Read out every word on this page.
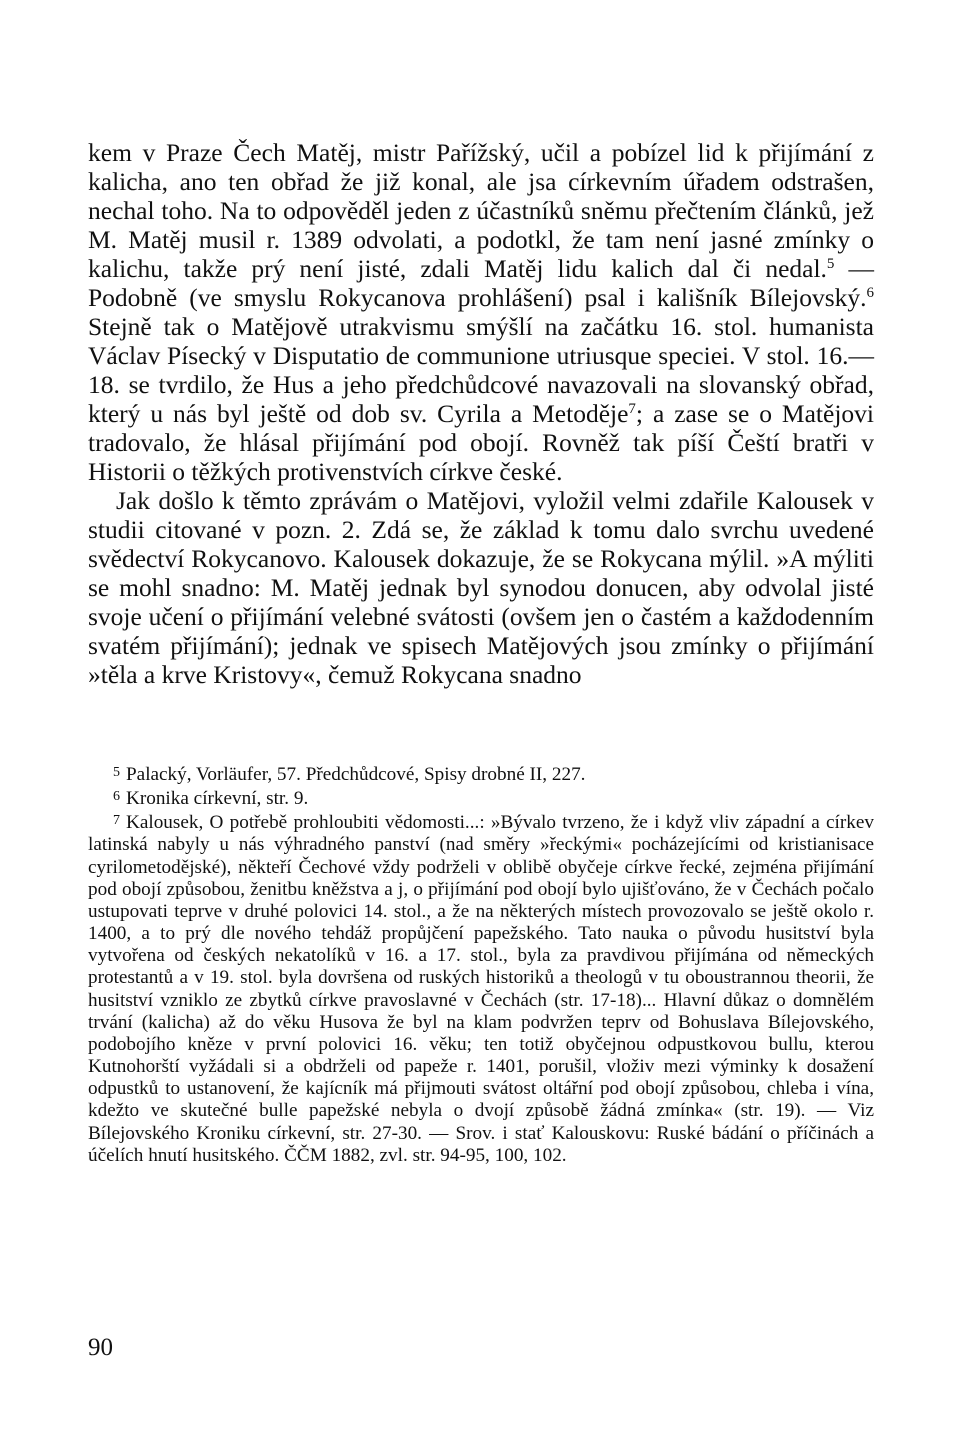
kem v Praze Čech Matěj, mistr Pařížský, učil a pobízel lid k přijímání z kalicha, ano ten obřad že již konal, ale jsa církevním úřadem odstrašen, nechal toho. Na to odpověděl jeden z účastníků sněmu přečtením článků, jež M. Matěj musil r. 1389 odvolati, a podotkl, že tam není jasné zmínky o kalichu, takže prý není jisté, zdali Matěj lidu kalich dal či nedal.$^5$ — Podobně (ve smyslu Rokycanova prohlášení) psal i kališník Bílejovský.$^6$ Stejně tak o Matějově utrakvismu smýšlí na začátku 16. stol. humanista Václav Písecký v Disputatio de communione utriusque speciei. V stol. 16.—18. se tvrdilo, že Hus a jeho předchůdcové navazovali na slovanský obřad, který u nás byl ještě od dob sv. Cyrila a Metoděje$^7$; a zase se o Matějovi tradovalo, že hlásal přijímání pod obojí. Rovněž tak píší Čeští bratři v Historii o těžkých protivenstvích církve české.

Jak došlo k těmto zprávám o Matějovi, vyložil velmi zdařile Kalousek v studii citované v pozn. 2. Zdá se, že základ k tomu dalo svrchu uvedené svědectví Rokycanovo. Kalousek dokazuje, že se Rokycana mýlil. »A mýliti se mohl snadno: M. Matěj jednak byl synodou donucen, aby odvolal jisté svoje učení o přijímání velebné svátosti (ovšem jen o častém a každodenním svatém přijímání); jednak ve spisech Matějových jsou zmínky o přijímání »těla a krve Kristovy«, čemuž Rokycana snadno

$^5$ Palacký, Vorläufer, 57. Předchůdcové, Spisy drobné II, 227.

$^6$ Kronika církevní, str. 9.

$^7$ Kalousek, O potřebě prohloubiti vědomosti...: »Bývalo tvrzeno, že i když vliv západní a církev latinská nabyly u nás výhradného panství (nad směry »řeckými« pocházejícími od kristianisace cyrilometodějské), někteří Čechové vždy podrželi v oblibě obyčeje církve řecké, zejména přijímání pod obojí způsobou, ženitbu kněžstva a j, o přijímání pod obojí bylo ujišťováno, že v Čechách počalo ustupovati teprve v druhé polovici 14. stol., a že na některých místech provozovalo se ještě okolo r. 1400, a to prý dle nového tehdáž propůjčení papežského. Tato nauka o původu husitství byla vytvořena od českých nekatolíků v 16. a 17. stol., byla za pravdivou přijímána od německých protestantů a v 19. stol. byla dovršena od ruských historiků a theologů v tu oboustrannou theorii, že husitství vzniklo ze zbytků církve pravoslavné v Čechách (str. 17-18)... Hlavní důkaz o domnělém trvání (kalicha) až do věku Husova že byl na klam podvržen teprv od Bohuslava Bílejovského, podobojího kněze v první polovici 16. věku; ten totiž obyčejnou odpustkovou bullu, kterou Kutnohorští vyžádali si a obdrželi od papeže r. 1401, porušil, vloživ mezi výminky k dosažení odpustků to ustanovení, že kajícník má přijmouti svátost oltářní pod obojí způsobou, chleba i vína, kdežto ve skutečné bulle papežské nebyla o dvojí způsobě žádná zmínka« (str. 19). — Viz Bílejovského Kroniku církevní, str. 27-30. — Srov. i stať Kalouskovu: Ruské bádání o příčinách a účelích hnutí husitského. ČČM 1882, zvl. str. 94-95, 100, 102.

90
